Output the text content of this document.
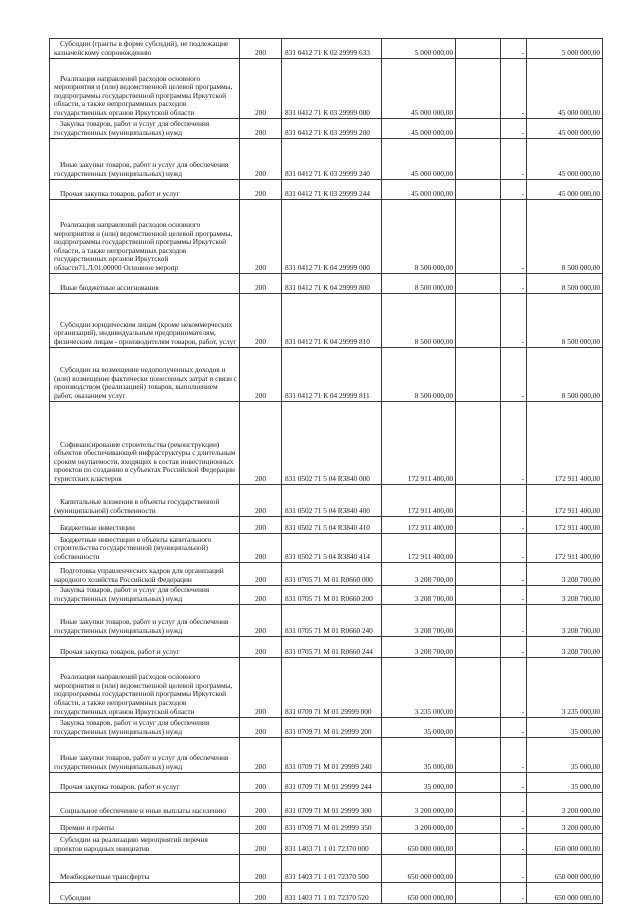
Субсидии (гранты в форме субсидий), не подлежащие казначейскому сопровождению	200	831 0412 71 К 02 29999 633	5 000 000,00		-	5 000 000,00

Реализация направлений расходов основного мероприятия и (или) ведомственной целевой программы, подпрограммы государственной программы Иркутской области, а также непрограммных расходов государственных органов Иркутской области	200	831 0412 71 К 03 29999 000	45 000 000,00		-	45 000 000,00

Закупка товаров, работ и услуг для обеспечения государственных (муниципальных) нужд	200	831 0412 71 К 03 29999 200	45 000 000,00		-	45 000 000,00

Иные закупки товаров, работ и услуг для обеспечения государственных (муниципальных) нужд	200	831 0412 71 К 03 29999 240	45 000 000,00		-	45 000 000,00

Прочая закупка товаров, работ и услуг	200	831 0412 71 К 03 29999 244	45 000 000,00		-	45 000 000,00

Реализация направлений расходов основного мероприятия и (или) ведомственной целевой программы, подпрограммы государственной программы Иркутской области, а также непрограммных расходов государственных органов Иркутской области71.Л.01.00000 Основное меропр	200	831 0412 71 К 04 29999 000	8 500 000,00		-	8 500 000,00

Иные бюджетные ассигнования	200	831 0412 71 К 04 29999 800	8 500 000,00		-	8 500 000,00

Субсидии юридическим лицам (кроме некоммерческих организаций), индивидуальным предпринимателям, физическим лицам - производителям товаров, работ, услуг	200	831 0412 71 К 04 29999 810	8 500 000,00		-	8 500 000,00

Субсидии на возмещение недополученных доходов и (или) возмещение фактически понесенных затрат в связи с производством (реализацией) товаров, выполнением работ, оказанием услуг	200	831 0412 71 К 04 29999 811	8 500 000,00		-	8 500 000,00

Софинансирование строительства (реконструкции) объектов обеспечивающей инфраструктуры с длительным сроком окупаемости, входящих в состав инвестиционных проектов по созданию в субъектах Российской Федерации туристских кластеров	200	831 0502 71 5 04 R3840 000	172 911 400,00		-	172 911 400,00

Капитальные вложения в объекты государственной (муниципальной) собственности	200	831 0502 71 5 04 R3840 400	172 911 400,00		-	172 911 400,00

Бюджетные инвестиции	200	831 0502 71 5 04 R3840 410	172 911 400,00		-	172 911 400,00

Бюджетные инвестиции в объекты капитального строительства государственной (муниципальной) собственности	200	831 0502 71 5 04 R3840 414	172 911 400,00		-	172 911 400,00

Подготовка управленческих кадров для организаций народного хозяйства Российской Федерации	200	831 0705 71 М 01 R0660 000	3 208 700,00		-	3 208 700,00

Закупка товаров, работ и услуг для обеспечения государственных (муниципальных) нужд	200	831 0705 71 М 01 R0660 200	3 208 700,00		-	3 208 700,00

Иные закупки товаров, работ и услуг для обеспечения государственных (муниципальных) нужд	200	831 0705 71 М 01 R0660 240	3 208 700,00		-	3 208 700,00

Прочая закупка товаров, работ и услуг	200	831 0705 71 М 01 R0660 244	3 208 700,00		-	3 208 700,00

Реализация направлений расходов основного мероприятия и (или) ведомственной целевой программы, подпрограммы государственной программы Иркутской области, а также непрограммных расходов государственных органов Иркутской области	200	831 0709 71 М 01 29999 000	3 235 000,00		-	3 235 000,00

Закупка товаров, работ и услуг для обеспечения государственных (муниципальных) нужд	200	831 0709 71 М 01 29999 200	35 000,00		-	35 000,00

Иные закупки товаров, работ и услуг для обеспечения государственных (муниципальных) нужд	200	831 0709 71 М 01 29999 240	35 000,00		-	35 000,00

Прочая закупка товаров, работ и услуг	200	831 0709 71 М 01 29999 244	35 000,00		-	35 000,00

Социальное обеспечение и иные выплаты населению	200	831 0709 71 М 01 29999 300	3 200 000,00		-	3 200 000,00

Премии и гранты	200	831 0709 71 М 01 29999 350	3 200 000,00		-	3 200 000,00

Субсидии на реализацию мероприятий перечня проектов народных инициатив	200	831 1403 71 1 01 72370 000	650 000 000,00		-	650 000 000,00

Межбюджетные трансферты	200	831 1403 71 1 01 72370 500	650 000 000,00		-	650 000 000,00

Субсидии	200	831 1403 71 1 01 72370 520	650 000 000,00		-	650 000 000,00
